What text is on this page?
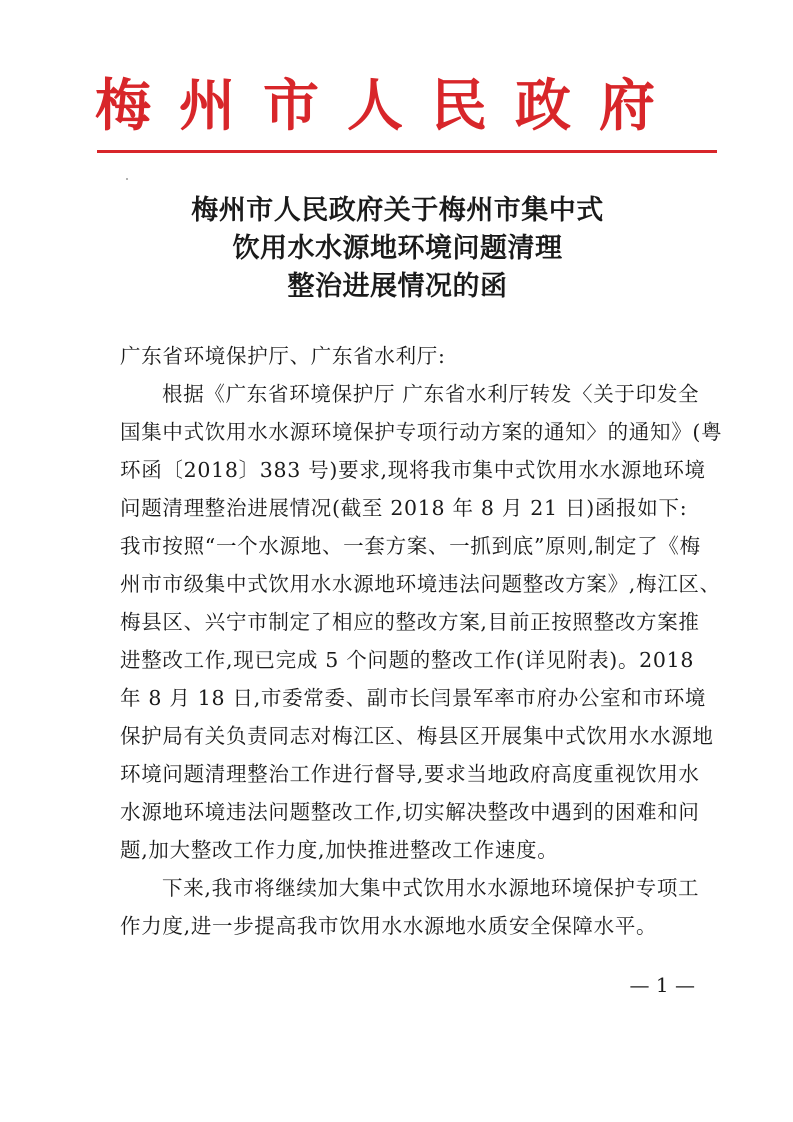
梅州市人民政府
梅州市人民政府关于梅州市集中式
饮用水水源地环境问题清理
整治进展情况的函
广东省环境保护厅、广东省水利厅:
根据《广东省环境保护厅 广东省水利厅转发〈关于印发全
国集中式饮用水水源环境保护专项行动方案的通知〉的通知》(粤
环函〔2018〕383 号)要求,现将我市集中式饮用水水源地环境
问题清理整治进展情况(截至 2018 年 8 月 21 日)函报如下:
我市按照“一个水源地、一套方案、一抓到底”原则,制定了《梅
州市市级集中式饮用水水源地环境违法问题整改方案》,梅江区、
梅县区、兴宁市制定了相应的整改方案,目前正按照整改方案推
进整改工作,现已完成 5 个问题的整改工作(详见附表)。2018
年 8 月 18 日,市委常委、副市长闫景军率市府办公室和市环境
保护局有关负责同志对梅江区、梅县区开展集中式饮用水水源地
环境问题清理整治工作进行督导,要求当地政府高度重视饮用水
水源地环境违法问题整改工作,切实解决整改中遇到的困难和问
题,加大整改工作力度,加快推进整改工作速度。
下来,我市将继续加大集中式饮用水水源地环境保护专项工
作力度,进一步提高我市饮用水水源地水质安全保障水平。
— 1 —
